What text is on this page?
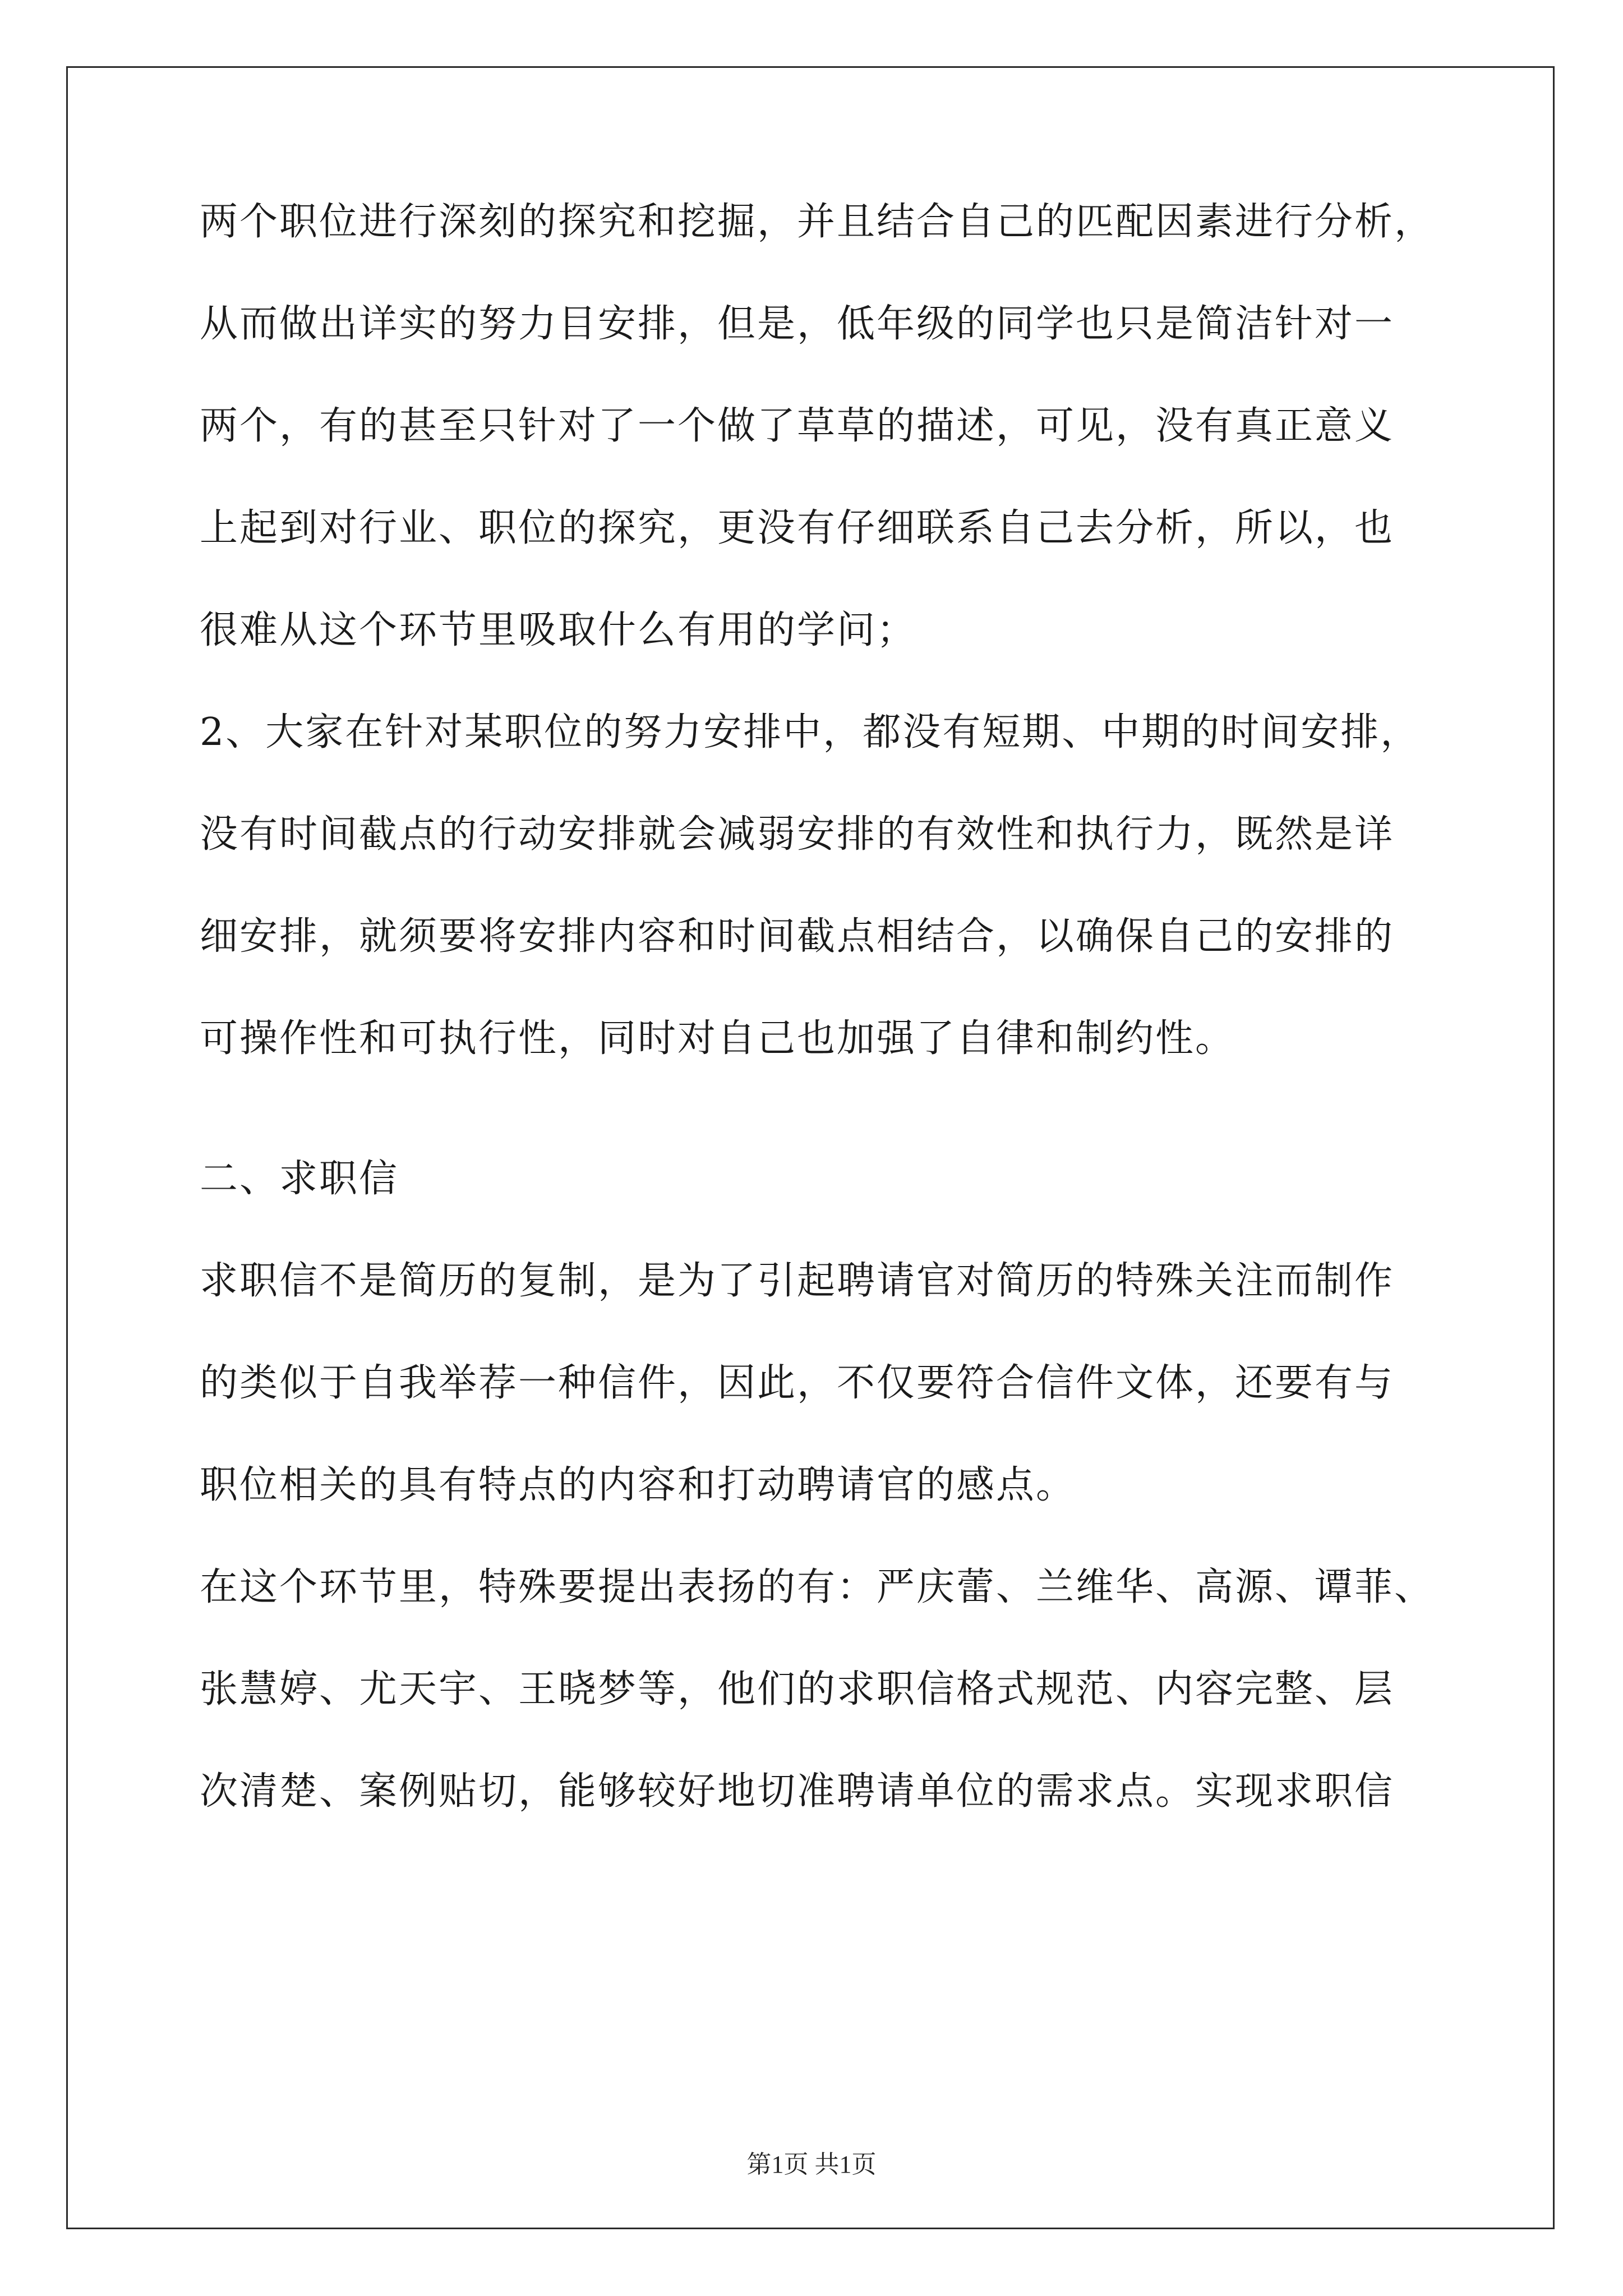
两个职位进行深刻的探究和挖掘，并且结合自己的匹配因素进行分析，
从而做出详实的努力目安排，但是，低年级的同学也只是简洁针对一
两个，有的甚至只针对了一个做了草草的描述，可见，没有真正意义
上起到对行业、职位的探究，更没有仔细联系自己去分析，所以，也
很难从这个环节里吸取什么有用的学问；
2、大家在针对某职位的努力安排中，都没有短期、中期的时间安排，
没有时间截点的行动安排就会减弱安排的有效性和执行力，既然是详
细安排，就须要将安排内容和时间截点相结合，以确保自己的安排的
可操作性和可执行性，同时对自己也加强了自律和制约性。
二、求职信
求职信不是简历的复制，是为了引起聘请官对简历的特殊关注而制作
的类似于自我举荐一种信件，因此，不仅要符合信件文体，还要有与
职位相关的具有特点的内容和打动聘请官的感点。
在这个环节里，特殊要提出表扬的有：严庆蕾、兰维华、高源、谭菲、
张慧婷、尤天宇、王晓梦等，他们的求职信格式规范、内容完整、层
次清楚、案例贴切，能够较好地切准聘请单位的需求点。实现求职信
第1页 共1页
